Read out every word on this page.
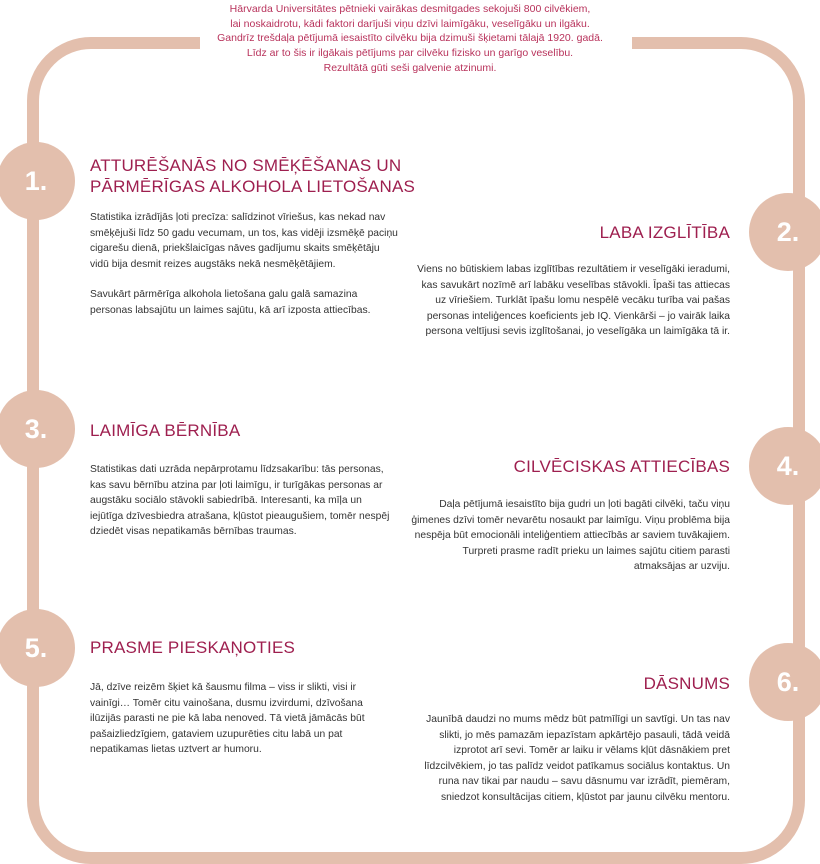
Hārvarda Universitātes pētnieki vairākas desmitgades sekojuši 800 cilvēkiem,
lai noskaidrotu, kādi faktori darījuši viņu dzīvi laimīgāku, veselīgāku un ilgāku.
Gandrīz trešdaļa pētījumā iesaistīto cilvēku bija dzimuši šķietami tālajā 1920. gadā.
Līdz ar to šis ir ilgākais pētījums par cilvēku fizisko un garīgo veselību.
Rezultātā gūti seši galvenie atzinumi.
1.	ATTURĒŠANĀS NO SMĒĶĒŠANAS UN PĀRMĒRĪGAS ALKOHOLA LIETOŠANAS

Statistika izrādījās ļoti precīza: salīdzinot vīriešus, kas nekad nav smēķējuši līdz 50 gadu vecumam, un tos, kas vidēji izsmēķē paciņu cigarešu dienā, priekšlaicīgas nāves gadījumu skaits smēķētāju vidū bija desmit reizes augstāks nekā nesmēķētājiem.

Savukārt pārmērīga alkohola lietošana galu galā samazina personas labsajūtu un laimes sajūtu, kā arī izposta attiecības.

2.
LABA IZGLĪTĪBA

Viens no būtiskiem labas izglītības rezultātiem ir veselīgāki ieradumi, kas savukārt nozīmē arī labāku veselības stāvokli. Īpaši tas attiecas uz vīriešiem. Turklāt īpašu lomu nespēlē vecāku turība vai pašas personas inteliģences koeficients jeb IQ. Vienkārši – jo vairāk laika persona veltījusi sevis izglītošanai, jo veselīgāka un laimīgāka tā ir.

3.	LAIMĪGA BĒRNĪBA

Statistikas dati uzrāda nepārprotamu līdzsakarību: tās personas, kas savu bērnību atzina par ļoti laimīgu, ir turīgākas personas ar augstāku sociālo stāvokli sabiedrībā. Interesanti, ka mīļa un iejūtīga dzīvesbiedra atrašana, kļūstot pieaugušiem, tomēr nespēj dziedēt visas nepatikamās bērnības traumas.

4.
CILVĒCISKAS ATTIECĪBAS

Daļa pētījumā iesaistīto bija gudri un ļoti bagāti cilvēki, taču viņu ģimenes dzīvi tomēr nevarētu nosaukt par laimīgu. Viņu problēma bija nespēja būt emocionāli inteliģentiem attiecībās ar saviem tuvākajiem. Turpreti prasme radīt prieku un laimes sajūtu citiem parasti atmaksājas ar uzviju.

5.	PRASME PIESKAŅOTIES

Jā, dzīve reizēm šķiet kā šausmu filma – viss ir slikti, visi ir vainīgi… Tomēr citu vainošana, dusmu izvirdumi, dzīvošana ilūzijās parasti ne pie kā laba nenoved. Tā vietā jāmācās būt pašaizliedzīgiem, gataviem uzupurēties citu labā un pat nepatikamas lietas uztvert ar humoru.

6.
DĀSNUMS

Jaunībā daudzi no mums mēdz būt patmīlīgi un savtīgi. Un tas nav slikti, jo mēs pamazām iepazīstam apkārtējo pasauli, tādā veidā izprotot arī sevi. Tomēr ar laiku ir vēlams kļūt dāsnākiem pret līdzcilvēkiem, jo tas palīdz veidot patīkamus sociālus kontaktus. Un runa nav tikai par naudu – savu dāsnumu var izrādīt, piemēram, sniedzot konsultācijas citiem, kļūstot par jaunu cilvēku mentoru.
